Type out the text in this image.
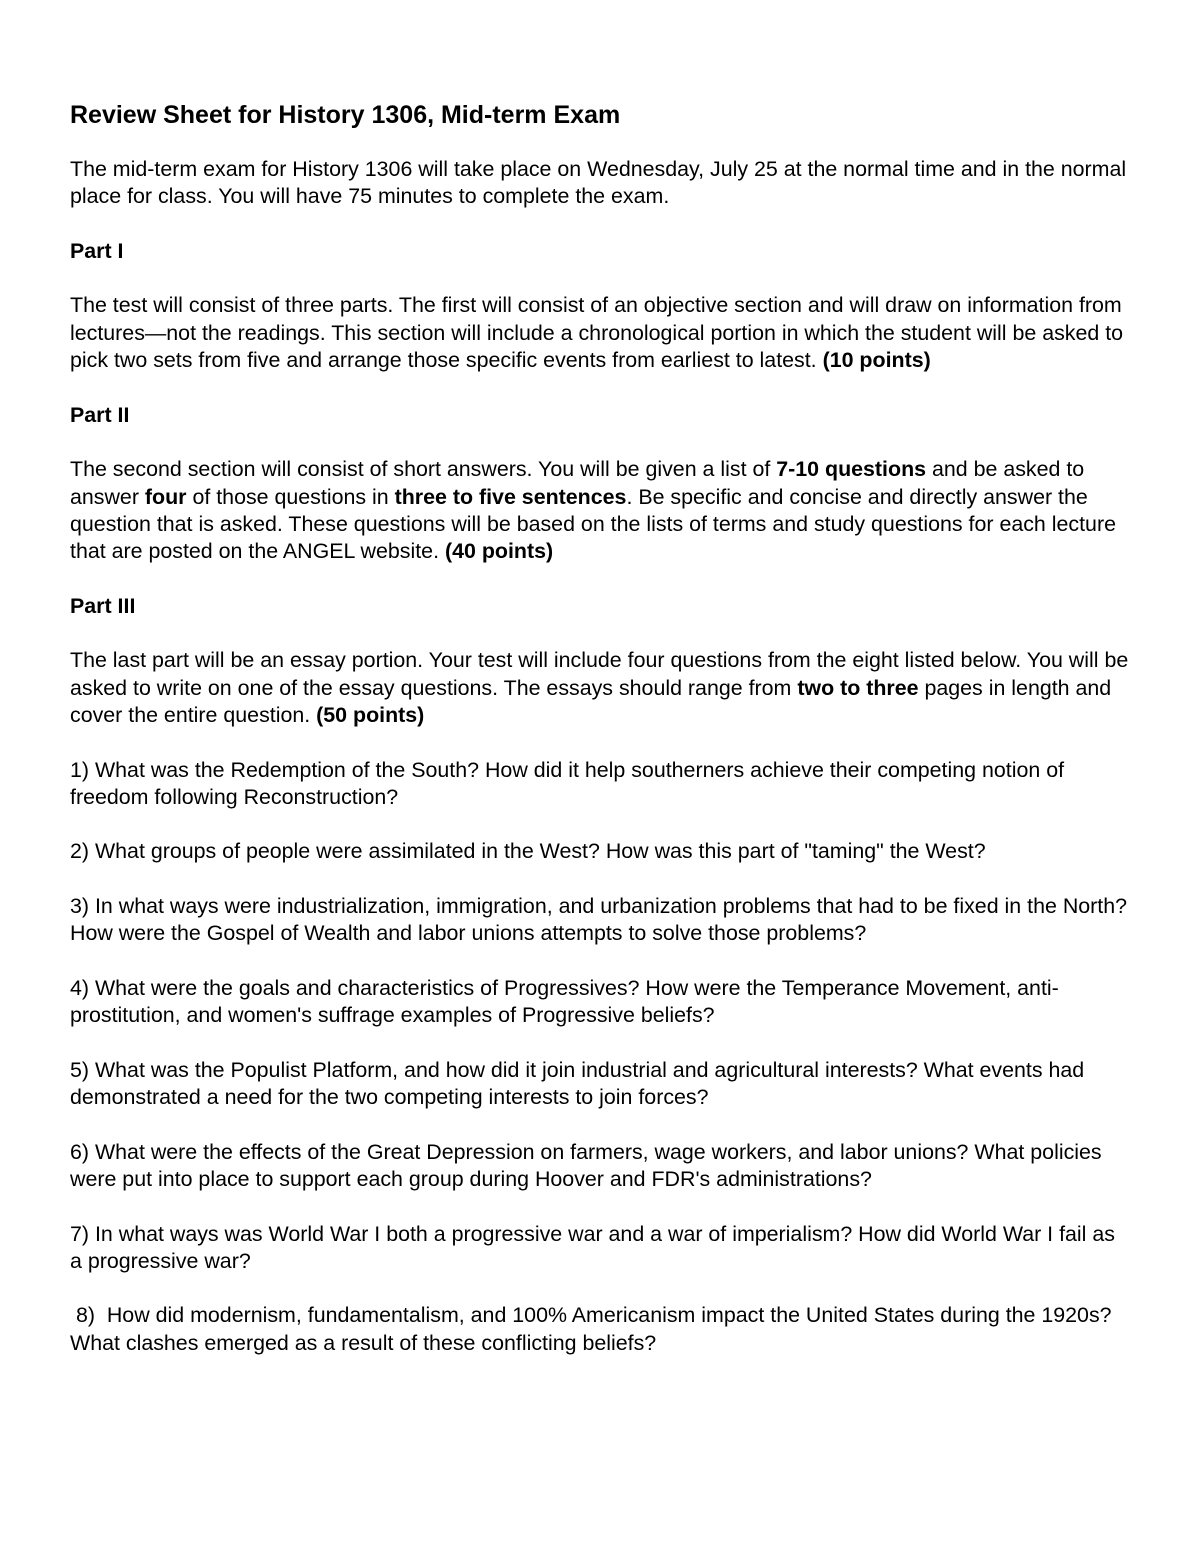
Review Sheet for History 1306, Mid-term Exam

The mid-term exam for History 1306 will take place on Wednesday, July 25 at the normal time and in the normal place for class. You will have 75 minutes to complete the exam.

Part I

The test will consist of three parts. The first will consist of an objective section and will draw on information from lectures—not the readings. This section will include a chronological portion in which the student will be asked to pick two sets from five and arrange those specific events from earliest to latest. (10 points)

Part II

The second section will consist of short answers. You will be given a list of 7-10 questions and be asked to answer four of those questions in three to five sentences. Be specific and concise and directly answer the question that is asked. These questions will be based on the lists of terms and study questions for each lecture that are posted on the ANGEL website. (40 points)

Part III

The last part will be an essay portion. Your test will include four questions from the eight listed below. You will be asked to write on one of the essay questions. The essays should range from two to three pages in length and cover the entire question. (50 points)

1) What was the Redemption of the South? How did it help southerners achieve their competing notion of freedom following Reconstruction?

2) What groups of people were assimilated in the West? How was this part of "taming" the West?

3) In what ways were industrialization, immigration, and urbanization problems that had to be fixed in the North? How were the Gospel of Wealth and labor unions attempts to solve those problems?

4) What were the goals and characteristics of Progressives? How were the Temperance Movement, anti-prostitution, and women's suffrage examples of Progressive beliefs?

5) What was the Populist Platform, and how did it join industrial and agricultural interests? What events had demonstrated a need for the two competing interests to join forces?

6) What were the effects of the Great Depression on farmers, wage workers, and labor unions? What policies were put into place to support each group during Hoover and FDR's administrations?

7) In what ways was World War I both a progressive war and a war of imperialism? How did World War I fail as a progressive war?

8)  How did modernism, fundamentalism, and 100% Americanism impact the United States during the 1920s?  What clashes emerged as a result of these conflicting beliefs?
